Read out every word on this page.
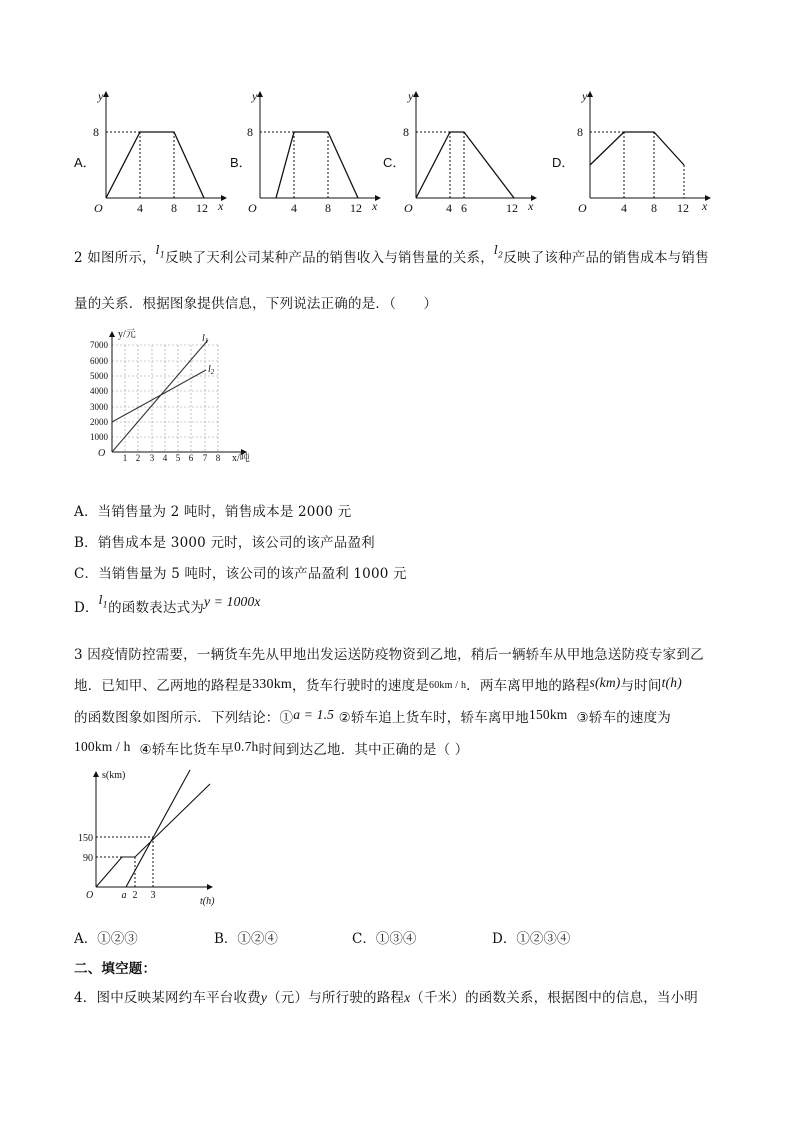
A．
8
y
O	4 8 12 x
B．
8
y
O	4 8 12 x
C．
8
y
O	4 6	12 x
D．
8
y
O	4 8 12 x
2 如图所示，$l_1$反映了天利公司某种产品的销售收入与销售量的关系，$l_2$反映了该种产品的销售成本与销售
量的关系．根据图象提供信息，下列说法正确的是．（　　）
$l_1$
$l_2$
y/元
7000
6000
5000
4000
3000
2000
1000
O 1 2 3 4 5 6 7 8 x/吨
A．当销售量为 2 吨时，销售成本是 2000 元
B．销售成本是 3000 元时，该公司的该产品盈利
C．当销售量为 5 吨时，该公司的该产品盈利 1000 元
D．$l_1$的函数表达式为y = 1000x
3 因疫情防控需要，一辆货车先从甲地出发运送防疫物资到乙地，稍后一辆轿车从甲地急送防疫专家到乙
地．已知甲、乙两地的路程是330km，货车行驶时的速度是60km / h．两车离甲地的路程s(km)与时间t(h)
的函数图象如图所示．下列结论：①a = 1.5 ②轿车追上货车时，轿车离甲地150km ③轿车的速度为
100km / h ④轿车比货车早0.7h时间到达乙地．其中正确的是（ ）
s(km)
150
90
O	a 2 3
t(h)
A．①②③	B．①②④	C．①③④	D．①②③④
二、填空题：
4．图中反映某网约车平台收费y（元）与所行驶的路程x（千米）的函数关系，根据图中的信息，当小明
